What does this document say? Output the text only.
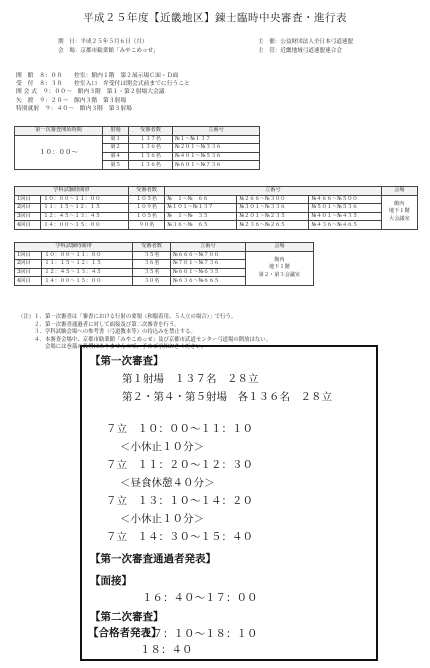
平成２５年度【近畿地区】錬士臨時中央審査・進行表
期　日：平成２５年５月６日（月）
会　場：京都市勧業館「みやこめっせ」
主　催：公益財団法人全日本弓道連盟
主　管：近畿地域弓道連盟連合会
開　館　８：００　　控室：館内１階　第２展示場Ｃ面・Ｄ面
受　付　８：３０　　控室入口　弁受付は開会式前までに行うこと
開 会 式　９：００～　館内３階　第１・第２射場大会議
矢　渡　９：２０～　館内３階　第３射場
特別就射　９：４０～　館内３階　第３射場
第一次審査開始時間	射場	受審者数	立番号
１０：００～	第１	１３７名	№１～№１３７
	第２	１３６名	№２０１～№３３６
	第４	１３６名	№４０１～№５３６
	第５	１３６名	№６０１～№７３６
学科試験時間帯		受審者数	立番号			会場
1回目	１０：００～１１：００	１０５名	№　１～№　６６	№２６６～№３００	№４６６～№５００	館内
地下１階
大会議室

2回目	１１：１５～１２：１５	１０９名	№１０１～№１３７	№３０１～№３３６	№５０１～№５３６	
3回目	１２：４５～１３：４５	１０５名	№　１～№　３５	№２０１～№２３５	№４０１～№４３５	
4回目	１４：００～１５：００	９０名	№３６～№　６５	№２３６～№２６５	№４３６～№４６５	
学科試験時間帯		受審者数	立番号	会場
1回目	１０：００～１１：００	３５名	№６６６～№７００	館内
地下１階
第２・第３会議室

2回目	１１：１５～１２：１５	３６名	№７０１～№７３６	
3回目	１２：４５～１３：４５	３５名	№６０１～№６３５	
4回目	１４：００～１５：００	３０名	№６３６～№６６５	
（注）１．第一次審査は「審査における行射の要領（和服着用、５人立の場合）」で行う。
　　　２．第一次審査通過者に対して面接及び第二次審査を行う。
　　　３．学科試験会場への参考書（弓道教本等）の持込みを禁止する。
　　　４．本審査会場中、京都市勧業館「みやこめっせ」及び京都市武道センター弓道場の開放はない。
　　　　　会場には巻藁の設置はありませんので、予めご承知おきください。
【第一次審査】
第１射場　１３７名　２８立
第２・第４・第５射場　各１３６名　２８立
７立　１０：００～１１：１０
＜小休止１０分＞
７立　１１：２０～１２：３０
＜昼食休憩４０分＞
７立　１３：１０～１４：２０
＜小休止１０分＞
７立　１４：３０～１５：４０
【第一次審査通過者発表】
【面接】
１６：４０～１７：００
【第二次審査】
１７：１０～１８：１０
【合格者発表】
１８：４０
